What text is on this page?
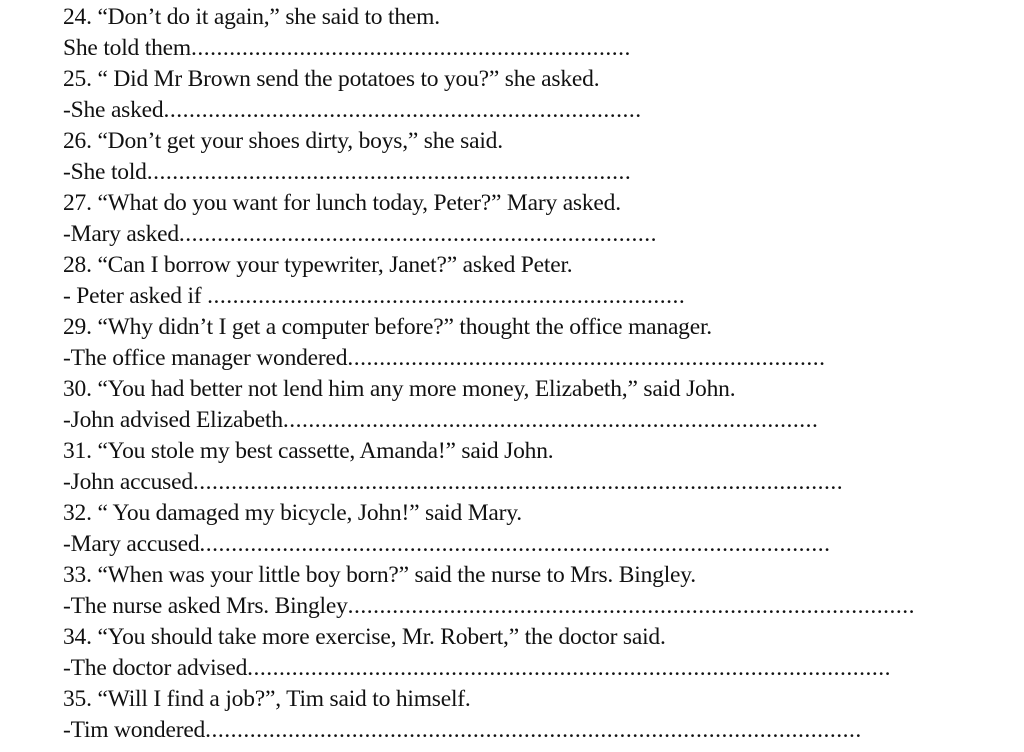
24. “Don’t do it again,” she said to them.
She told them .....................................................................
25. “ Did Mr Brown send the potatoes to you?” she asked.
-She asked ...........................................................................
26. “Don’t get your shoes dirty, boys,” she said.
-She told ............................................................................
27. “What do you want for lunch today, Peter?” Mary asked.
-Mary asked ...........................................................................
28. “Can I borrow your typewriter, Janet?” asked Peter.
- Peter asked if ...........................................................................
29. “Why didn’t I get a computer before?” thought the office manager.
-The office manager wondered ...........................................................................
30. “You had better not lend him any more money, Elizabeth,” said John.
-John advised Elizabeth ....................................................................................
31. “You stole my best cassette, Amanda!” said John.
-John accused ......................................................................................................
32. “ You damaged my bicycle, John!” said Mary.
-Mary accused ...................................................................................................
33. “When was your little boy born?” said the nurse to Mrs. Bingley.
-The nurse asked Mrs. Bingley .........................................................................................
34. “You should take more exercise, Mr. Robert,” the doctor said.
-The doctor advised .....................................................................................................
35. “Will I find a job?”, Tim said to himself.
-Tim wondered .......................................................................................................
